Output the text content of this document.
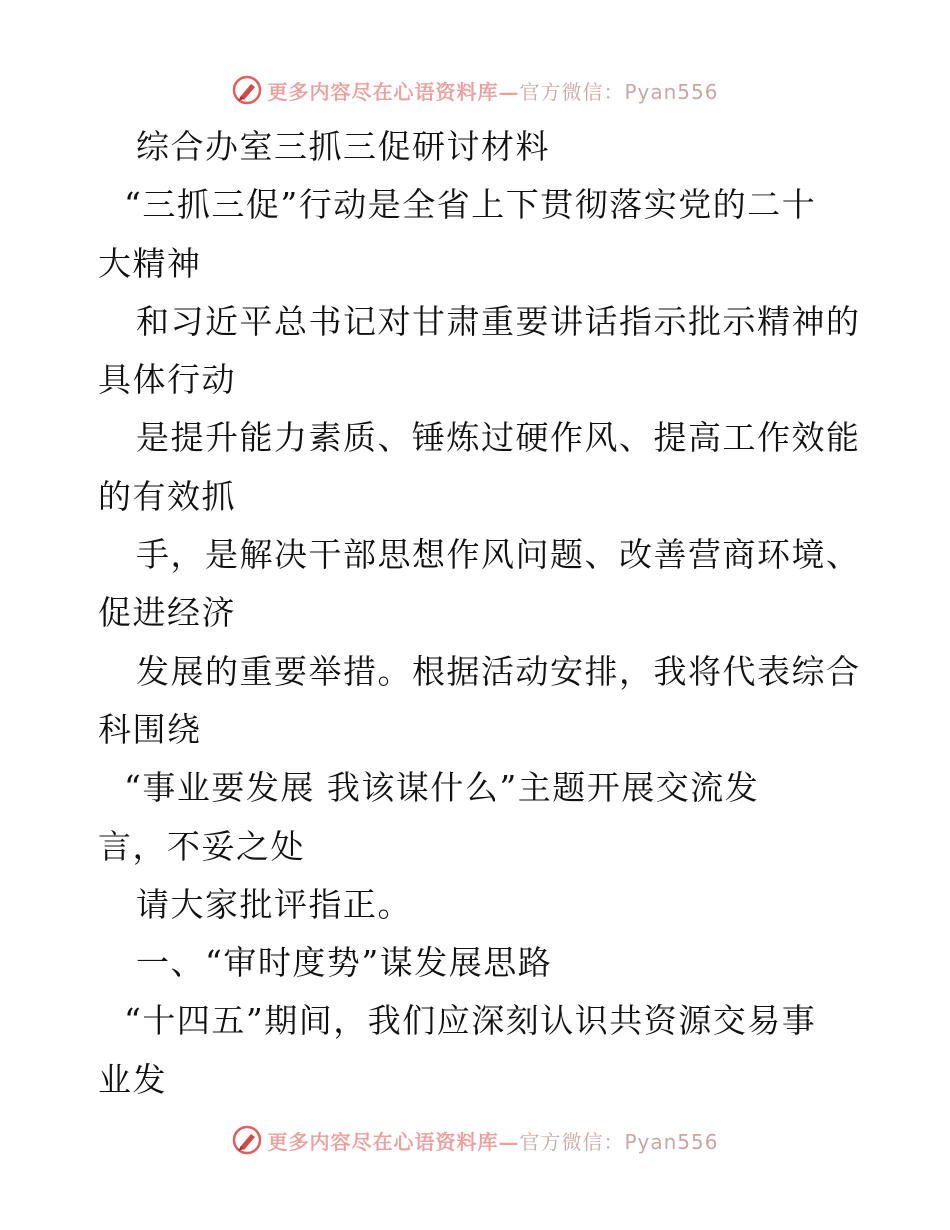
更多内容尽在心语资料库—官方微信：Pyan556
综合办室三抓三促研讨材料
“三抓三促”行动是全省上下贯彻落实党的二十
大精神
和习近平总书记对甘肃重要讲话指示批示精神的
具体行动
是提升能力素质、锤炼过硬作风、提高工作效能
的有效抓
手，是解决干部思想作风问题、改善营商环境、
促进经济
发展的重要举措。根据活动安排，我将代表综合
科围绕
“事业要发展 我该谋什么”主题开展交流发
言，不妥之处
请大家批评指正。
一、“审时度势”谋发展思路
“十四五”期间，我们应深刻认识共资源交易事
业发
更多内容尽在心语资料库—官方微信：Pyan556
